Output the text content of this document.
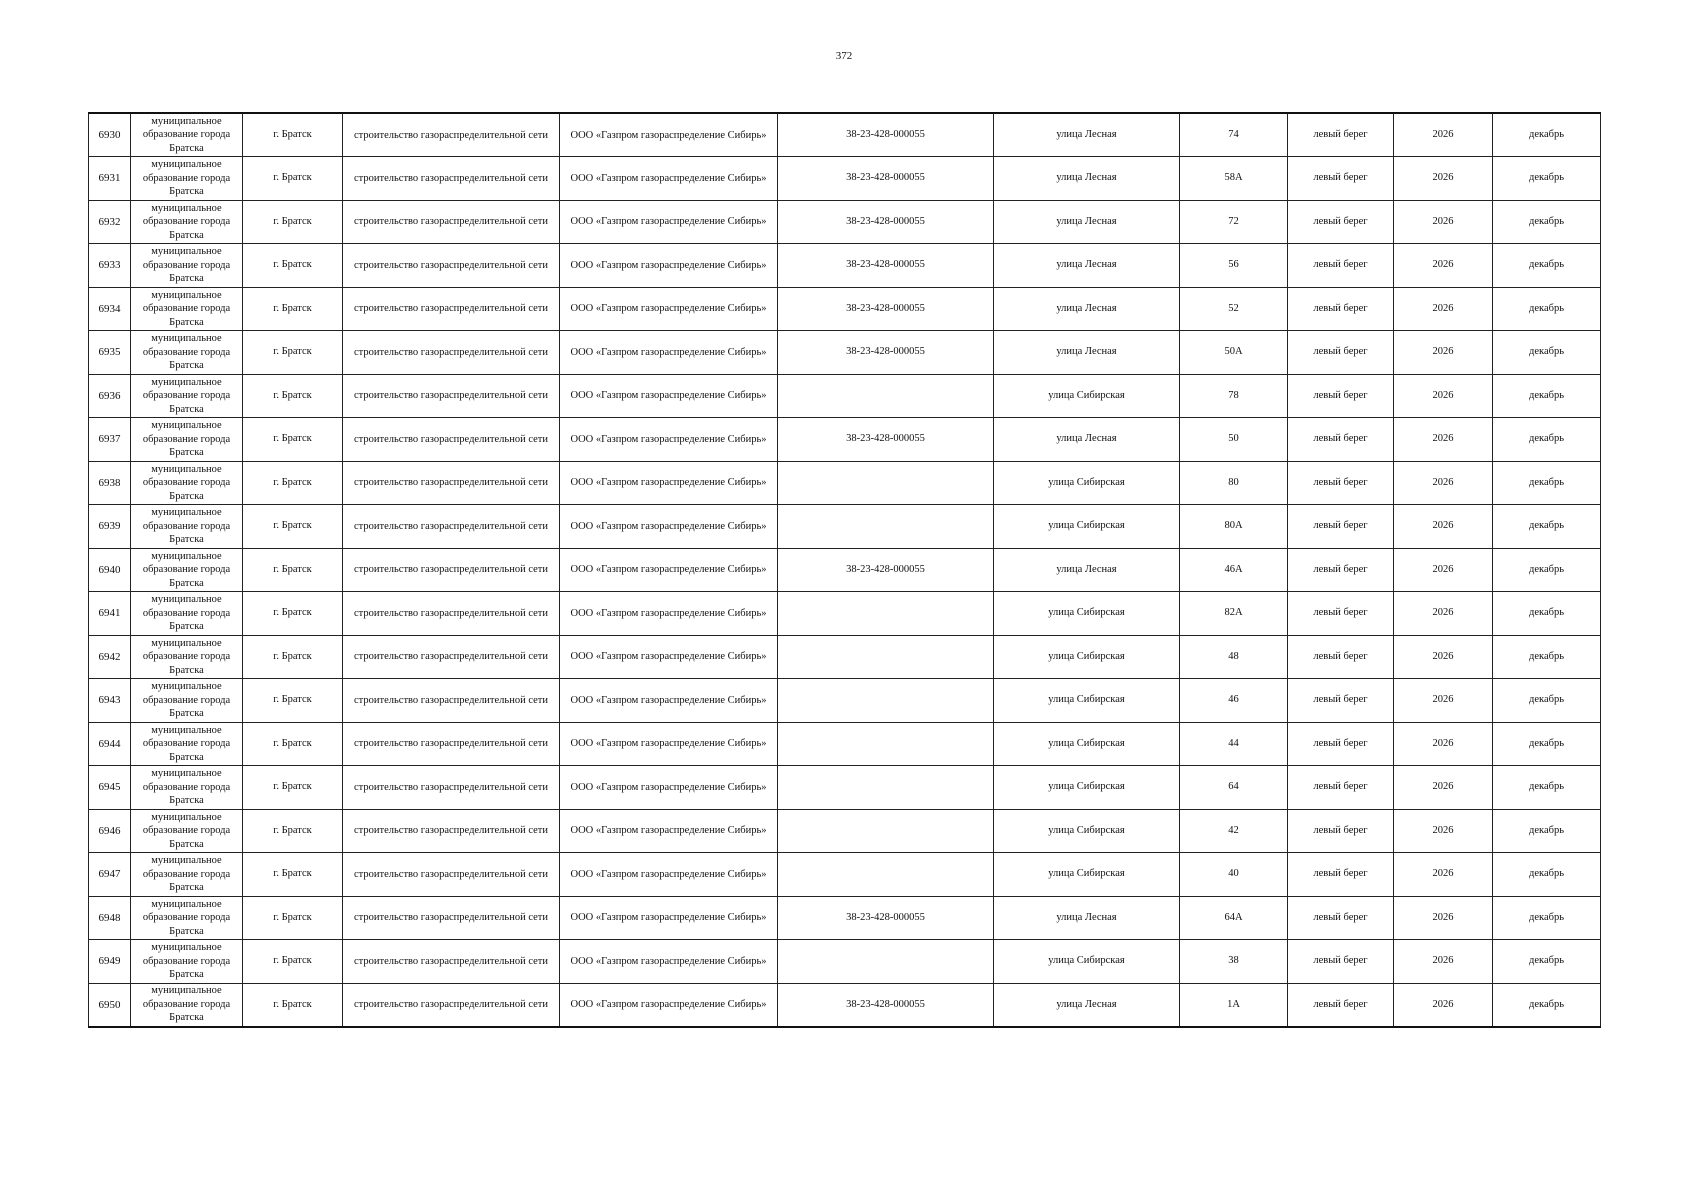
372
6930	муниципальное образование города Братска	г. Братск	строительство газораспределительной сети	ООО «Газпром газораспределение Сибирь»	38-23-428-000055	улица Лесная	74	левый берег	2026	декабрь
6931	муниципальное образование города Братска	г. Братск	строительство газораспределительной сети	ООО «Газпром газораспределение Сибирь»	38-23-428-000055	улица Лесная	58А	левый берег	2026	декабрь
6932	муниципальное образование города Братска	г. Братск	строительство газораспределительной сети	ООО «Газпром газораспределение Сибирь»	38-23-428-000055	улица Лесная	72	левый берег	2026	декабрь
6933	муниципальное образование города Братска	г. Братск	строительство газораспределительной сети	ООО «Газпром газораспределение Сибирь»	38-23-428-000055	улица Лесная	56	левый берег	2026	декабрь
6934	муниципальное образование города Братска	г. Братск	строительство газораспределительной сети	ООО «Газпром газораспределение Сибирь»	38-23-428-000055	улица Лесная	52	левый берег	2026	декабрь
6935	муниципальное образование города Братска	г. Братск	строительство газораспределительной сети	ООО «Газпром газораспределение Сибирь»	38-23-428-000055	улица Лесная	50А	левый берег	2026	декабрь
6936	муниципальное образование города Братска	г. Братск	строительство газораспределительной сети	ООО «Газпром газораспределение Сибирь»		улица Сибирская	78	левый берег	2026	декабрь
6937	муниципальное образование города Братска	г. Братск	строительство газораспределительной сети	ООО «Газпром газораспределение Сибирь»	38-23-428-000055	улица Лесная	50	левый берег	2026	декабрь
6938	муниципальное образование города Братска	г. Братск	строительство газораспределительной сети	ООО «Газпром газораспределение Сибирь»		улица Сибирская	80	левый берег	2026	декабрь
6939	муниципальное образование города Братска	г. Братск	строительство газораспределительной сети	ООО «Газпром газораспределение Сибирь»		улица Сибирская	80А	левый берег	2026	декабрь
6940	муниципальное образование города Братска	г. Братск	строительство газораспределительной сети	ООО «Газпром газораспределение Сибирь»	38-23-428-000055	улица Лесная	46А	левый берег	2026	декабрь
6941	муниципальное образование города Братска	г. Братск	строительство газораспределительной сети	ООО «Газпром газораспределение Сибирь»		улица Сибирская	82А	левый берег	2026	декабрь
6942	муниципальное образование города Братска	г. Братск	строительство газораспределительной сети	ООО «Газпром газораспределение Сибирь»		улица Сибирская	48	левый берег	2026	декабрь
6943	муниципальное образование города Братска	г. Братск	строительство газораспределительной сети	ООО «Газпром газораспределение Сибирь»		улица Сибирская	46	левый берег	2026	декабрь
6944	муниципальное образование города Братска	г. Братск	строительство газораспределительной сети	ООО «Газпром газораспределение Сибирь»		улица Сибирская	44	левый берег	2026	декабрь
6945	муниципальное образование города Братска	г. Братск	строительство газораспределительной сети	ООО «Газпром газораспределение Сибирь»		улица Сибирская	64	левый берег	2026	декабрь
6946	муниципальное образование города Братска	г. Братск	строительство газораспределительной сети	ООО «Газпром газораспределение Сибирь»		улица Сибирская	42	левый берег	2026	декабрь
6947	муниципальное образование города Братска	г. Братск	строительство газораспределительной сети	ООО «Газпром газораспределение Сибирь»		улица Сибирская	40	левый берег	2026	декабрь
6948	муниципальное образование города Братска	г. Братск	строительство газораспределительной сети	ООО «Газпром газораспределение Сибирь»	38-23-428-000055	улица Лесная	64А	левый берег	2026	декабрь
6949	муниципальное образование города Братска	г. Братск	строительство газораспределительной сети	ООО «Газпром газораспределение Сибирь»		улица Сибирская	38	левый берег	2026	декабрь
6950	муниципальное образование города Братска	г. Братск	строительство газораспределительной сети	ООО «Газпром газораспределение Сибирь»	38-23-428-000055	улица Лесная	1А	левый берег	2026	декабрь
